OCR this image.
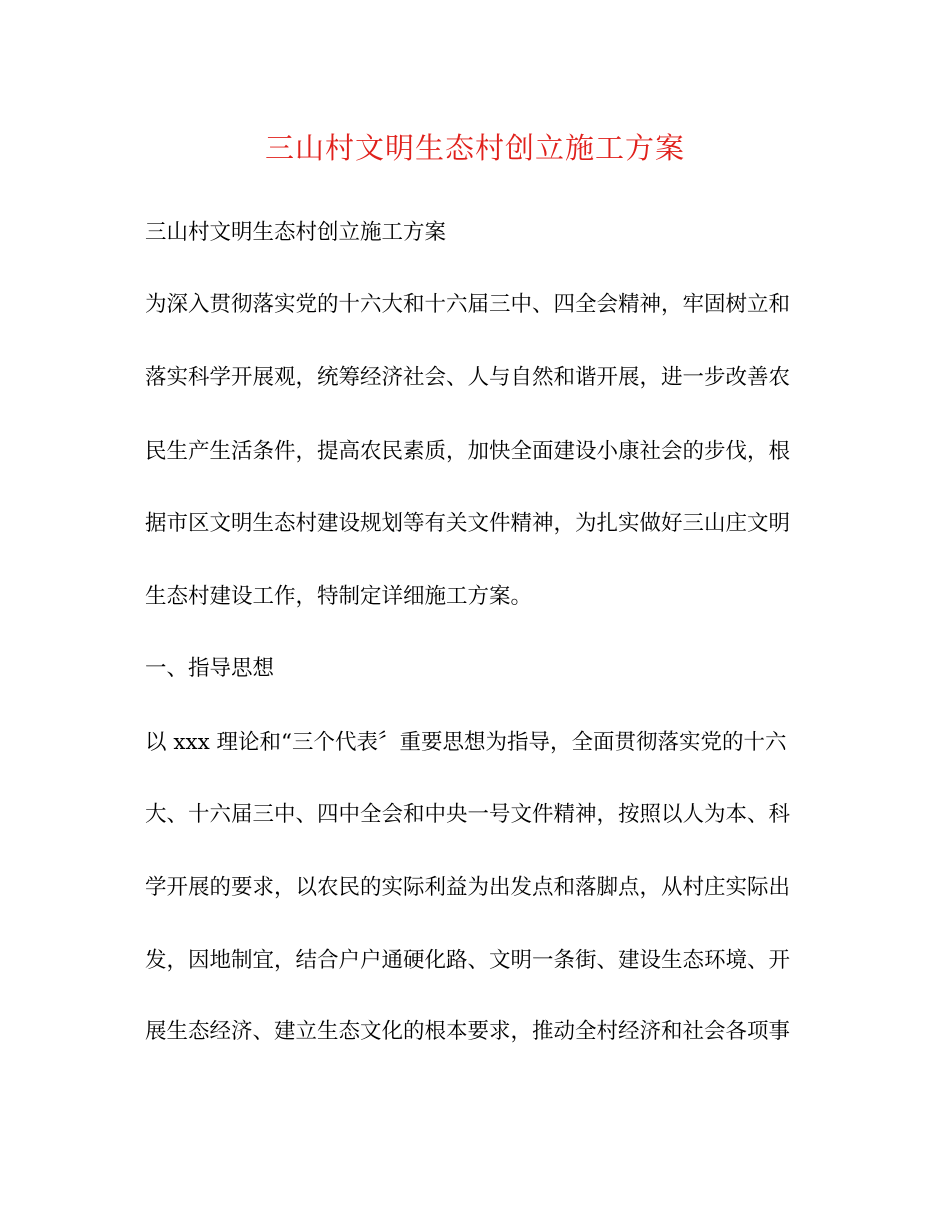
三山村文明生态村创立施工方案
三山村文明生态村创立施工方案
为深入贯彻落实党的十六大和十六届三中、四全会精神，牢固树立和
落实科学开展观，统筹经济社会、人与自然和谐开展，进一步改善农
民生产生活条件，提高农民素质，加快全面建设小康社会的步伐，根
据市区文明生态村建设规划等有关文件精神，为扎实做好三山庄文明
生态村建设工作，特制定详细施工方案。
一、指导思想
以 xxx 理论和“三个代表〞重要思想为指导，全面贯彻落实党的十六
大、十六届三中、四中全会和中央一号文件精神，按照以人为本、科
学开展的要求，以农民的实际利益为出发点和落脚点，从村庄实际出
发，因地制宜，结合户户通硬化路、文明一条街、建设生态环境、开
展生态经济、建立生态文化的根本要求，推动全村经济和社会各项事
